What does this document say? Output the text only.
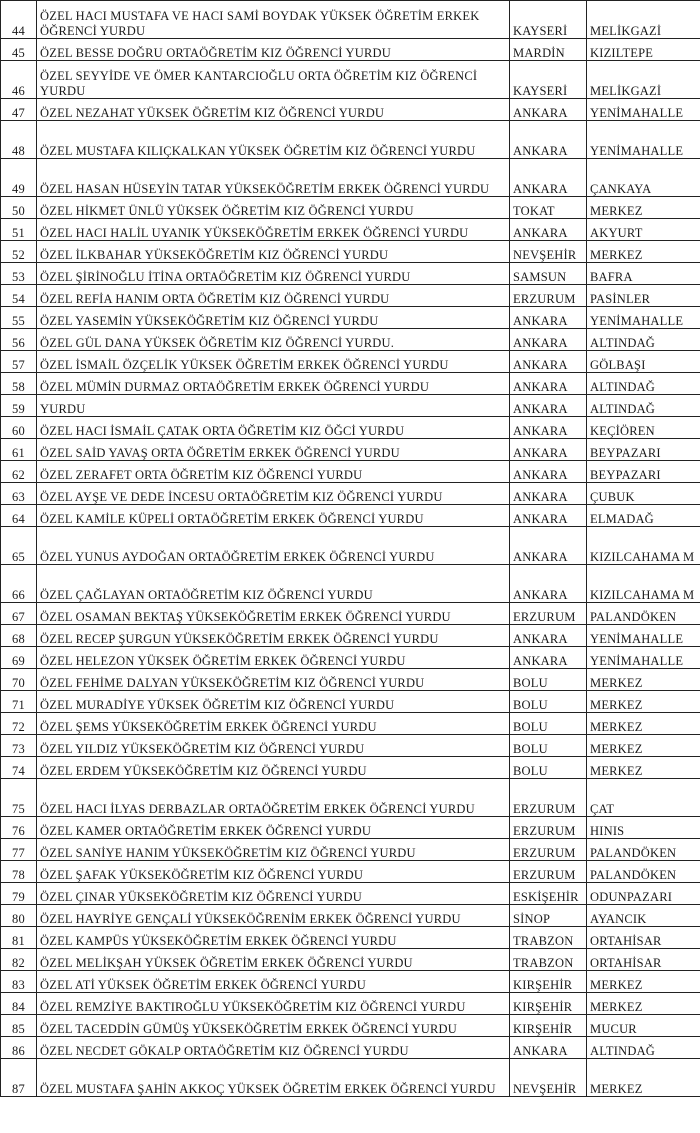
44	ÖZEL HACI MUSTAFA VE HACI SAMİ BOYDAK YÜKSEK ÖĞRETİM ERKEK ÖĞRENCİ YURDU	KAYSERİ	MELİKGAZİ
45	ÖZEL BESSE DOĞRU ORTAÖĞRETİM KIZ ÖĞRENCİ YURDU	MARDİN	KIZILTEPE
46	ÖZEL SEYYİDE VE ÖMER KANTARCIOĞLU ORTA ÖĞRETİM KIZ ÖĞRENCİ YURDU	KAYSERİ	MELİKGAZİ
47	ÖZEL NEZAHAT YÜKSEK ÖĞRETİM KIZ ÖĞRENCİ YURDU	ANKARA	YENİMAHALLE
48	ÖZEL MUSTAFA KILIÇKALKAN YÜKSEK ÖĞRETİM KIZ ÖĞRENCİ YURDU	ANKARA	YENİMAHALLE
49	ÖZEL HASAN HÜSEYİN TATAR YÜKSEKÖĞRETİM ERKEK ÖĞRENCİ YURDU	ANKARA	ÇANKAYA
50	ÖZEL HİKMET ÜNLÜ YÜKSEK ÖĞRETİM KIZ ÖĞRENCİ YURDU	TOKAT	MERKEZ
51	ÖZEL HACI HALİL UYANIK YÜKSEKÖĞRETİM ERKEK ÖĞRENCİ YURDU	ANKARA	AKYURT
52	ÖZEL İLKBAHAR YÜKSEKÖĞRETİM KIZ ÖĞRENCİ YURDU	NEVŞEHİR	MERKEZ
53	ÖZEL ŞİRİNOĞLU İTİNA ORTAÖĞRETİM KIZ ÖĞRENCİ YURDU	SAMSUN	BAFRA
54	ÖZEL REFİA HANIM ORTA ÖĞRETİM KIZ ÖĞRENCİ YURDU	ERZURUM	PASİNLER
55	ÖZEL YASEMİN YÜKSEKÖĞRETİM KIZ ÖĞRENCİ YURDU	ANKARA	YENİMAHALLE
56	ÖZEL GÜL DANA YÜKSEK ÖĞRETİM KIZ ÖĞRENCİ YURDU.	ANKARA	ALTINDAĞ
57	ÖZEL İSMAİL ÖZÇELİK YÜKSEK ÖĞRETİM ERKEK ÖĞRENCİ YURDU	ANKARA	GÖLBAŞI
58	ÖZEL MÜMİN DURMAZ ORTAÖĞRETİM ERKEK ÖĞRENCİ YURDU	ANKARA	ALTINDAĞ
59	YURDU	ANKARA	ALTINDAĞ
60	ÖZEL HACI İSMAİL ÇATAK ORTA ÖĞRETİM KIZ ÖĞCİ YURDU	ANKARA	KEÇİÖREN
61	ÖZEL SAİD YAVAŞ ORTA ÖĞRETİM ERKEK ÖĞRENCİ YURDU	ANKARA	BEYPAZARI
62	ÖZEL ZERAFET ORTA ÖĞRETİM KIZ ÖĞRENCİ YURDU	ANKARA	BEYPAZARI
63	ÖZEL AYŞE VE DEDE İNCESU ORTAÖĞRETİM KIZ ÖĞRENCİ YURDU	ANKARA	ÇUBUK
64	ÖZEL KAMİLE KÜPELİ ORTAÖĞRETİM ERKEK ÖĞRENCİ YURDU	ANKARA	ELMADAĞ
65	ÖZEL YUNUS AYDOĞAN ORTAÖĞRETİM ERKEK ÖĞRENCİ YURDU	ANKARA	KIZILCAHAMA M
66	ÖZEL ÇAĞLAYAN ORTAÖĞRETİM KIZ ÖĞRENCİ YURDU	ANKARA	KIZILCAHAMA M
67	ÖZEL OSAMAN BEKTAŞ YÜKSEKÖĞRETİM ERKEK ÖĞRENCİ YURDU	ERZURUM	PALANDÖKEN
68	ÖZEL RECEP ŞURGUN YÜKSEKÖĞRETİM ERKEK ÖĞRENCİ YURDU	ANKARA	YENİMAHALLE
69	ÖZEL HELEZON YÜKSEK ÖĞRETİM ERKEK ÖĞRENCİ YURDU	ANKARA	YENİMAHALLE
70	ÖZEL FEHİME DALYAN YÜKSEKÖĞRETİM KIZ ÖĞRENCİ YURDU	BOLU	MERKEZ
71	ÖZEL MURADİYE YÜKSEK ÖĞRETİM KIZ ÖĞRENCİ YURDU	BOLU	MERKEZ
72	ÖZEL ŞEMS YÜKSEKÖĞRETİM ERKEK ÖĞRENCİ YURDU	BOLU	MERKEZ
73	ÖZEL YILDIZ YÜKSEKÖĞRETİM KIZ ÖĞRENCİ YURDU	BOLU	MERKEZ
74	ÖZEL ERDEM YÜKSEKÖĞRETİM KIZ ÖĞRENCİ YURDU	BOLU	MERKEZ
75	ÖZEL HACI İLYAS DERBAZLAR ORTAÖĞRETİM ERKEK ÖĞRENCİ YURDU	ERZURUM	ÇAT
76	ÖZEL KAMER ORTAÖĞRETİM ERKEK ÖĞRENCİ YURDU	ERZURUM	HINIS
77	ÖZEL SANİYE HANIM YÜKSEKÖĞRETİM KIZ ÖĞRENCİ YURDU	ERZURUM	PALANDÖKEN
78	ÖZEL ŞAFAK YÜKSEKÖĞRETİM KIZ ÖĞRENCİ YURDU	ERZURUM	PALANDÖKEN
79	ÖZEL ÇINAR YÜKSEKÖĞRETİM KIZ ÖĞRENCİ YURDU	ESKİŞEHİR	ODUNPAZARI
80	ÖZEL HAYRİYE GENÇALİ YÜKSEKÖĞRENİM ERKEK ÖĞRENCİ YURDU	SİNOP	AYANCIK
81	ÖZEL KAMPÜS YÜKSEKÖĞRETİM ERKEK ÖĞRENCİ YURDU	TRABZON	ORTAHİSAR
82	ÖZEL MELİKŞAH YÜKSEK ÖĞRETİM ERKEK ÖĞRENCİ YURDU	TRABZON	ORTAHİSAR
83	ÖZEL ATİ YÜKSEK ÖĞRETİM ERKEK ÖĞRENCİ YURDU	KIRŞEHİR	MERKEZ
84	ÖZEL REMZİYE BAKTIROĞLU YÜKSEKÖĞRETİM KIZ ÖĞRENCİ YURDU	KIRŞEHİR	MERKEZ
85	ÖZEL TACEDDİN GÜMÜŞ YÜKSEKÖĞRETİM ERKEK ÖĞRENCİ YURDU	KIRŞEHİR	MUCUR
86	ÖZEL NECDET GÖKALP ORTAÖĞRETİM KIZ ÖĞRENCİ YURDU	ANKARA	ALTINDAĞ
87	ÖZEL MUSTAFA ŞAHİN AKKOÇ YÜKSEK ÖĞRETİM ERKEK ÖĞRENCİ YURDU	NEVŞEHİR	MERKEZ
